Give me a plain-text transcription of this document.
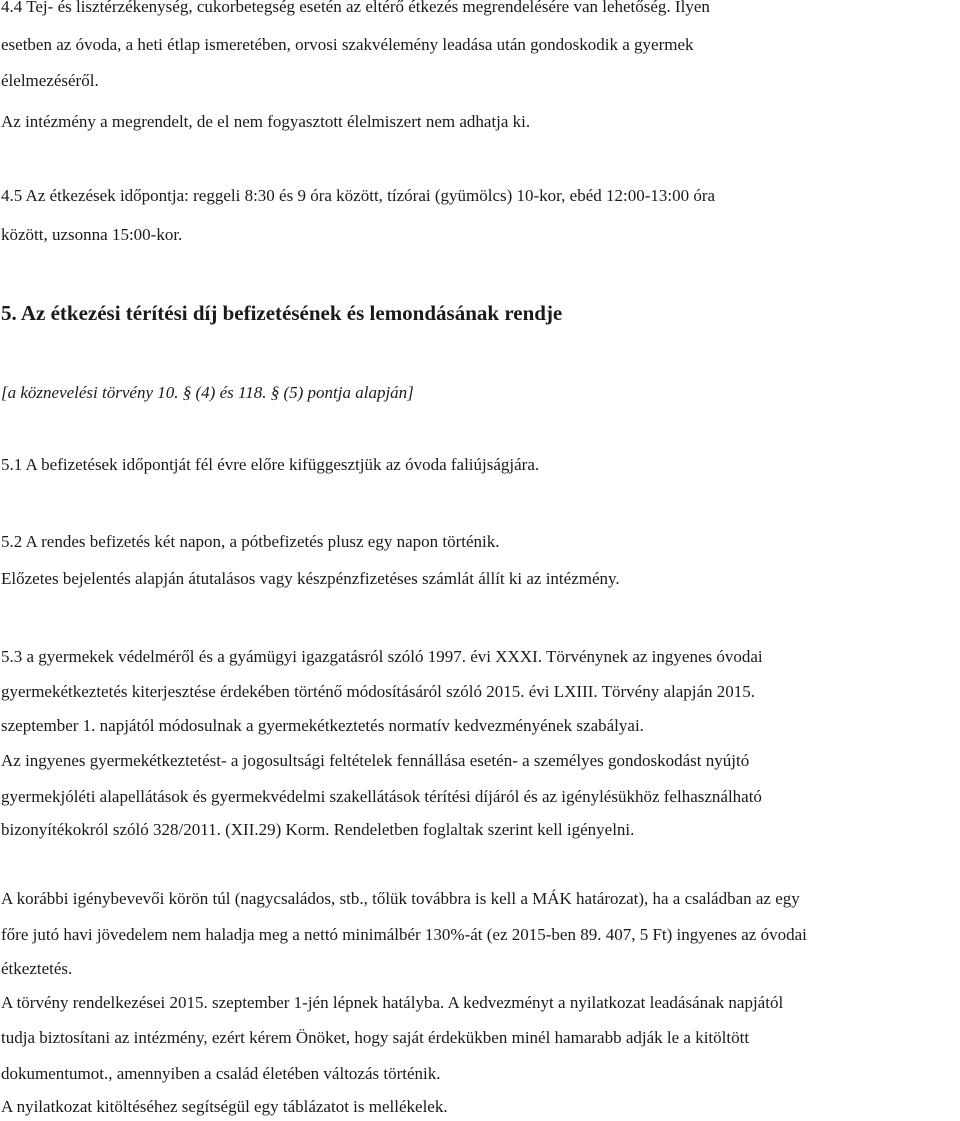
4.4 Tej- és lisztérzékenység, cukorbetegség esetén az eltérő étkezés megrendelésére van lehetőség. Ilyen
esetben az óvoda, a heti étlap ismeretében, orvosi szakvélemény leadása után gondoskodik a gyermek
élelmezéséről.
Az intézmény a megrendelt, de el nem fogyasztott élelmiszert nem adhatja ki.
4.5 Az étkezések időpontja: reggeli 8:30 és 9 óra között, tízórai (gyümölcs) 10-kor, ebéd 12:00-13:00 óra
között, uzsonna 15:00-kor.
5. Az étkezési térítési díj befizetésének és lemondásának rendje
[a köznevelési törvény 10. § (4) és 118. § (5) pontja alapján]
5.1 A befizetések időpontját fél évre előre kifüggesztjük az óvoda faliújságjára.
5.2 A rendes befizetés két napon, a pótbefizetés plusz egy napon történik.
Előzetes bejelentés alapján átutalásos vagy készpénzfizetéses számlát állít ki az intézmény.
5.3 a gyermekek védelméről és a gyámügyi igazgatásról szóló 1997. évi XXXI. Törvénynek az ingyenes óvodai
gyermekétkeztetés kiterjesztése érdekében történő módosításáról szóló 2015. évi LXIII. Törvény alapján 2015.
szeptember 1. napjától módosulnak a gyermekétkeztetés normatív kedvezményének szabályai.
Az ingyenes gyermekétkeztetést- a jogosultsági feltételek fennállása esetén- a személyes gondoskodást nyújtó
gyermekjóléti alapellátások és gyermekvédelmi szakellátások térítési díjáról és az igénylésükhöz felhasználható
bizonyítékokról szóló 328/2011. (XII.29) Korm. Rendeletben foglaltak szerint kell igényelni.
A korábbi igénybevevői körön túl (nagycsaládos, stb., tőlük továbbra is kell a MÁK határozat), ha a családban az egy
főre jutó havi jövedelem nem haladja meg a nettó minimálbér 130%-át (ez 2015-ben 89. 407, 5 Ft) ingyenes az óvodai
étkeztetés.
A törvény rendelkezései 2015. szeptember 1-jén lépnek hatályba. A kedvezményt a nyilatkozat leadásának napjától
tudja biztosítani az intézmény, ezért kérem Önöket, hogy saját érdekükben minél hamarabb adják le a kitöltött
dokumentumot., amennyiben a család életében változás történik.
A nyilatkozat kitöltéséhez segítségül egy táblázatot is mellékelek.
